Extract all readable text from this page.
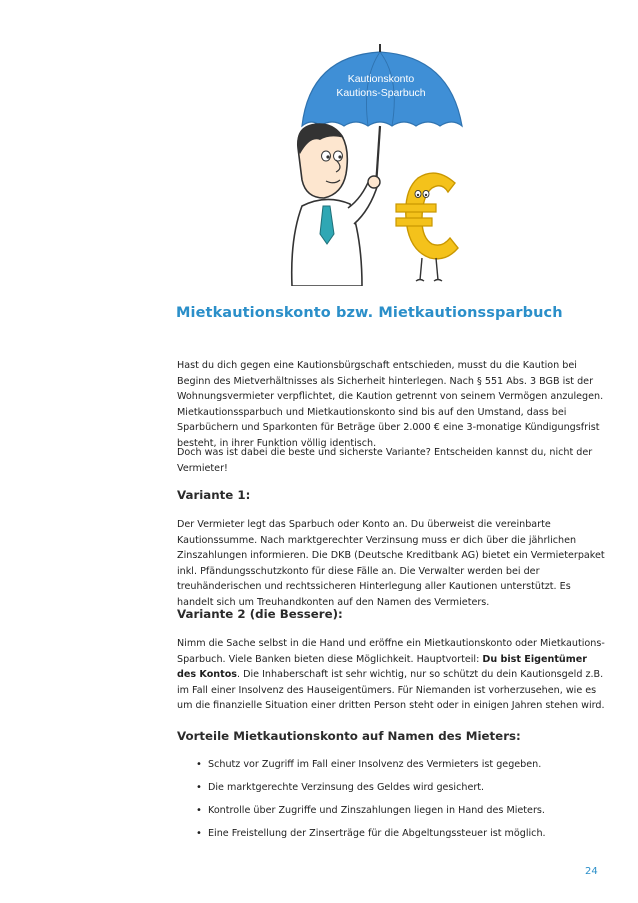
Kautionskonto
Kautions-Sparbuch
Mietkautionskonto bzw. Mietkautionssparbuch

Hast du dich gegen eine Kautionsbürgschaft entschieden, musst du die Kaution bei Beginn des Mietverhältnisses als Sicherheit hinterlegen. Nach § 551 Abs. 3 BGB ist der Wohnungsvermieter verpflichtet, die Kaution getrennt von seinem Vermögen anzulegen. Mietkautionssparbuch und Mietkautionskonto sind bis auf den Umstand, dass bei Sparbüchern und Sparkonten für Beträge über 2.000 € eine 3-monatige Kündigungsfrist besteht, in ihrer Funktion völlig identisch.

Doch was ist dabei die beste und sicherste Variante? Entscheiden kannst du, nicht der Vermieter!

Variante 1:

Der Vermieter legt das Sparbuch oder Konto an. Du überweist die vereinbarte Kautionssumme. Nach marktgerechter Verzinsung muss er dich über die jährlichen Zinszahlungen informieren. Die DKB (Deutsche Kreditbank AG) bietet ein Vermieterpaket inkl. Pfändungsschutzkonto für diese Fälle an. Die Verwalter werden bei der treuhänderischen und rechtssicheren Hinterlegung aller Kautionen unterstützt. Es handelt sich um Treuhandkonten auf den Namen des Vermieters.

Variante 2 (die Bessere):

Nimm die Sache selbst in die Hand und eröffne ein Mietkautionskonto oder Mietkautions-Sparbuch. Viele Banken bieten diese Möglichkeit. Hauptvorteil: Du bist Eigentümer des Kontos. Die Inhaberschaft ist sehr wichtig, nur so schützt du dein Kautionsgeld z.B. im Fall einer Insolvenz des Hauseigentümers. Für Niemanden ist vorherzusehen, wie es um die finanzielle Situation einer dritten Person steht oder in einigen Jahren stehen wird.

Vorteile Mietkautionskonto auf Namen des Mieters:
• Schutz vor Zugriff im Fall einer Insolvenz des Vermieters ist gegeben.
• Die marktgerechte Verzinsung des Geldes wird gesichert.
• Kontrolle über Zugriffe und Zinszahlungen liegen in Hand des Mieters.
• Eine Freistellung der Zinserträge für die Abgeltungssteuer ist möglich.
24
